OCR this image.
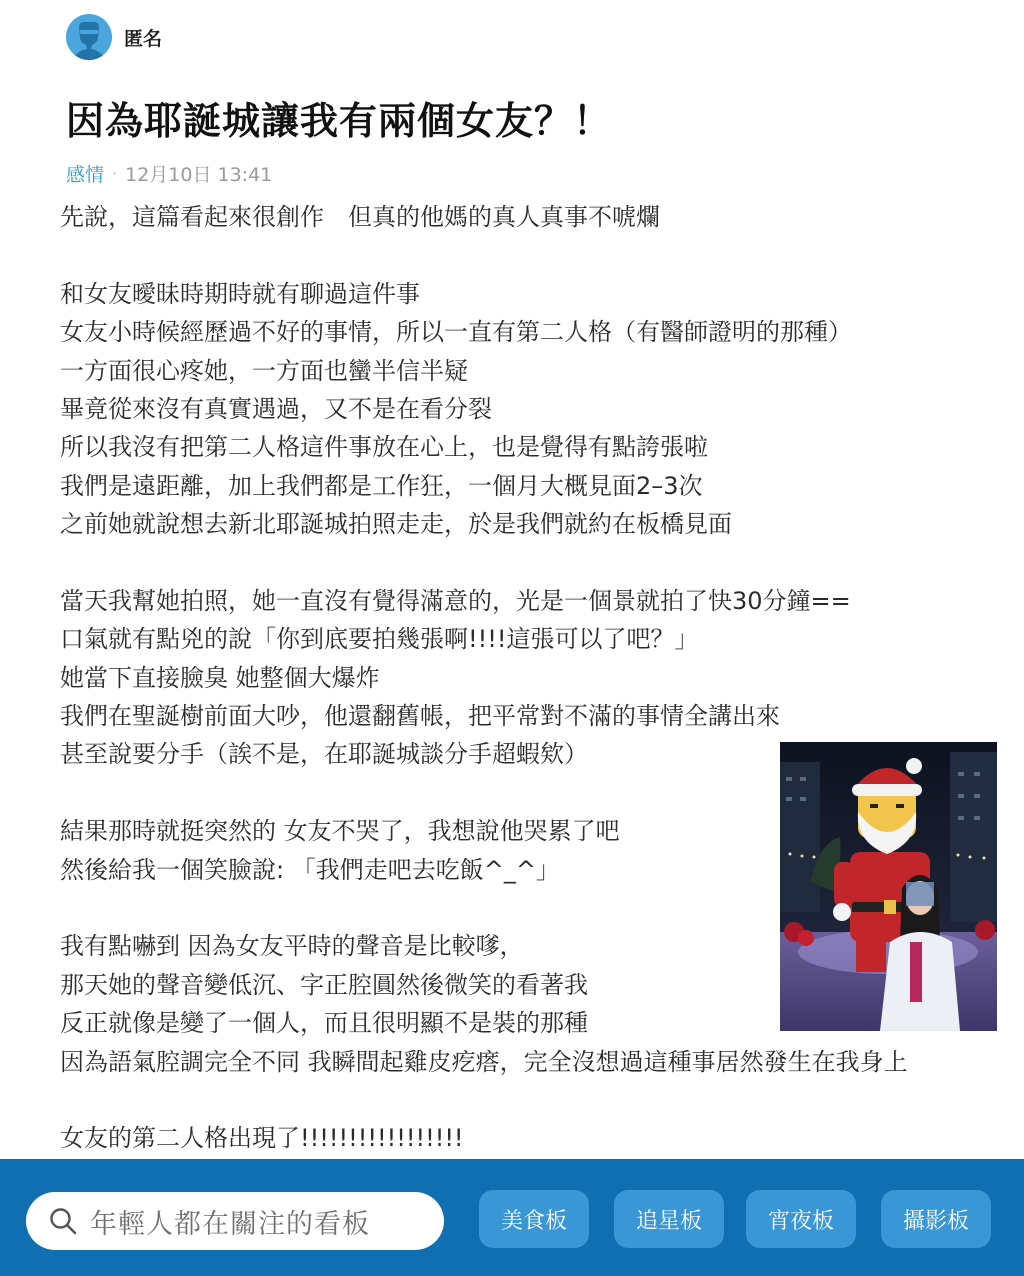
匿名
因為耶誕城讓我有兩個女友？！
感情 · 12月10日 13:41
先說，這篇看起來很創作　但真的他媽的真人真事不唬爛
和女友曖昧時期時就有聊過這件事
女友小時候經歷過不好的事情，所以一直有第二人格（有醫師證明的那種）
一方面很心疼她，一方面也蠻半信半疑
畢竟從來沒有真實遇過，又不是在看分裂
所以我沒有把第二人格這件事放在心上，也是覺得有點誇張啦
我們是遠距離，加上我們都是工作狂，一個月大概見面2–3次
之前她就說想去新北耶誕城拍照走走，於是我們就約在板橋見面
當天我幫她拍照，她一直沒有覺得滿意的，光是一個景就拍了快30分鐘==
口氣就有點兇的說「你到底要拍幾張啊!!!!這張可以了吧？」
她當下直接臉臭 她整個大爆炸
我們在聖誕樹前面大吵，他還翻舊帳，把平常對不滿的事情全講出來
甚至說要分手（誒不是，在耶誕城談分手超蝦欸）
結果那時就挺突然的 女友不哭了，我想說他哭累了吧
然後給我一個笑臉說: 「我們走吧去吃飯^_^」
我有點嚇到 因為女友平時的聲音是比較嗲，
那天她的聲音變低沉、字正腔圓然後微笑的看著我
反正就像是變了一個人，而且很明顯不是裝的那種
因為語氣腔調完全不同 我瞬間起雞皮疙瘩，完全沒想過這種事居然發生在我身上
女友的第二人格出現了!!!!!!!!!!!!!!!!!
年輕人都在關注的看板	美食板	追星板	宵夜板	攝影板
